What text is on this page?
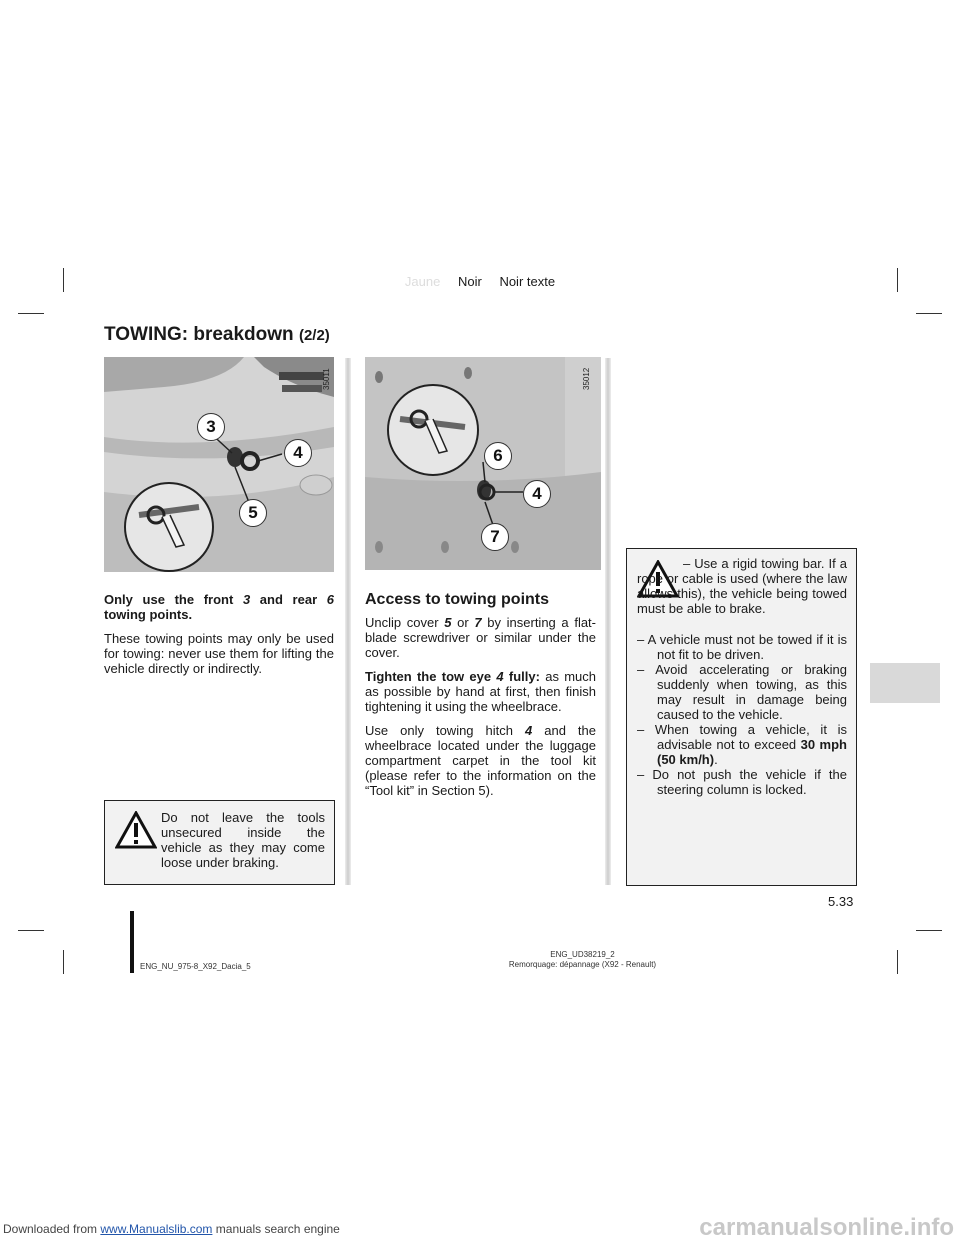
Jaune Noir Noir texte
TOWING: breakdown (2/2)
35011
3
4
5
35012
6
4
7

Only use the front 3 and rear 6 towing points.

These towing points may only be used for towing: never use them for lifting the vehicle directly or indirectly.

Do not leave the tools unsecured inside the vehicle as they may come loose under braking.
Access to towing points

Unclip cover 5 or 7 by inserting a flat-blade screwdriver or similar under the cover.

Tighten the tow eye 4 fully: as much as possible by hand at first, then finish tightening it using the wheelbrace.

Use only towing hitch 4 and the wheelbrace located under the luggage compartment carpet in the tool kit (please refer to the information on the “Tool kit” in Section 5).

– Use a rigid towing bar. If a rope or cable is used (where the law allows this), the vehicle being towed must be able to brake.
– A vehicle must not be towed if it is not fit to be driven.
– Avoid accelerating or braking suddenly when towing, as this may result in damage being caused to the vehicle.
– When towing a vehicle, it is advisable not to exceed 30 mph (50 km/h).
– Do not push the vehicle if the steering column is locked.
5.33
ENG_NU_975-8_X92_Dacia_5
ENG_UD38219_2
Remorquage: dépannage (X92 - Renault)
Downloaded from www.Manualslib.com manuals search engine	carmanualsonline.info
